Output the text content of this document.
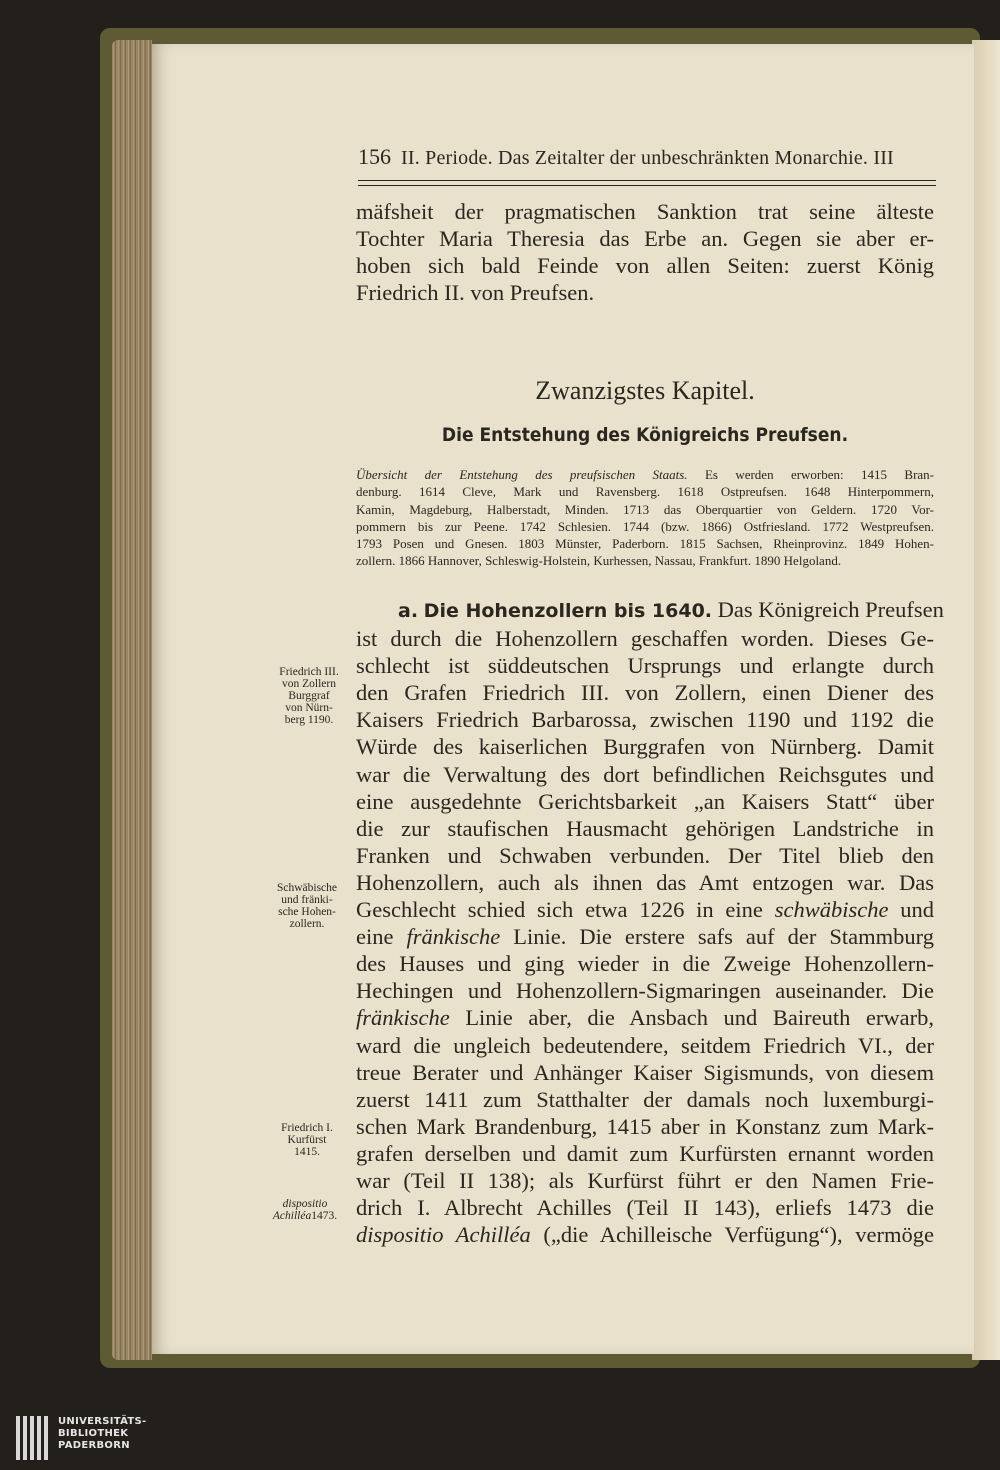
156 II. Periode. Das Zeitalter der unbeschränkten Monarchie. III

mäfsheit der pragmatischen Sanktion trat seine älteste
Tochter Maria Theresia das Erbe an. Gegen sie aber er-
hoben sich bald Feinde von allen Seiten: zuerst König
Friedrich II. von Preufsen.

Zwanzigstes Kapitel.
Die Entstehung des Königreichs Preufsen.
Übersicht der Entstehung des preufsischen Staats. Es werden erworben: 1415 Bran-
denburg. 1614 Cleve, Mark und Ravensberg. 1618 Ostpreufsen. 1648 Hinterpommern,
Kamin, Magdeburg, Halberstadt, Minden. 1713 das Oberquartier von Geldern. 1720 Vor-
pommern bis zur Peene. 1742 Schlesien. 1744 (bzw. 1866) Ostfriesland. 1772 Westpreufsen.
1793 Posen und Gnesen. 1803 Münster, Paderborn. 1815 Sachsen, Rheinprovinz. 1849 Hohen-
zollern. 1866 Hannover, Schleswig-Holstein, Kurhessen, Nassau, Frankfurt. 1890 Helgoland.

a. Die Hohenzollern bis 1640. Das Königreich Preufsen
ist durch die Hohenzollern geschaffen worden. Dieses Ge-
schlecht ist süddeutschen Ursprungs und erlangte durch
den Grafen Friedrich III. von Zollern, einen Diener des
Kaisers Friedrich Barbarossa, zwischen 1190 und 1192 die
Würde des kaiserlichen Burggrafen von Nürnberg. Damit
war die Verwaltung des dort befindlichen Reichsgutes und
eine ausgedehnte Gerichtsbarkeit „an Kaisers Statt“ über
die zur staufischen Hausmacht gehörigen Landstriche in
Franken und Schwaben verbunden. Der Titel blieb den
Hohenzollern, auch als ihnen das Amt entzogen war. Das
Geschlecht schied sich etwa 1226 in eine schwäbische und
eine fränkische Linie. Die erstere safs auf der Stammburg
des Hauses und ging wieder in die Zweige Hohenzollern-
Hechingen und Hohenzollern-Sigmaringen auseinander. Die
fränkische Linie aber, die Ansbach und Baireuth erwarb,
ward die ungleich bedeutendere, seitdem Friedrich VI., der
treue Berater und Anhänger Kaiser Sigismunds, von diesem
zuerst 1411 zum Statthalter der damals noch luxemburgi-
schen Mark Brandenburg, 1415 aber in Konstanz zum Mark-
grafen derselben und damit zum Kurfürsten ernannt worden
war (Teil II 138); als Kurfürst führt er den Namen Frie-
drich I. Albrecht Achilles (Teil II 143), erliefs 1473 die
dispositio Achilléa („die Achilleische Verfügung“), vermöge

Friedrich III.
von Zollern
Burggraf
von Nürn-
berg 1190.
Schwäbische
und fränki-
sche Hohen-
zollern.
Friedrich I.
Kurfürst
1415.
dispositio
Achilléa1473.
UNIVERSITÄTS-
BIBLIOTHEK
PADERBORN
